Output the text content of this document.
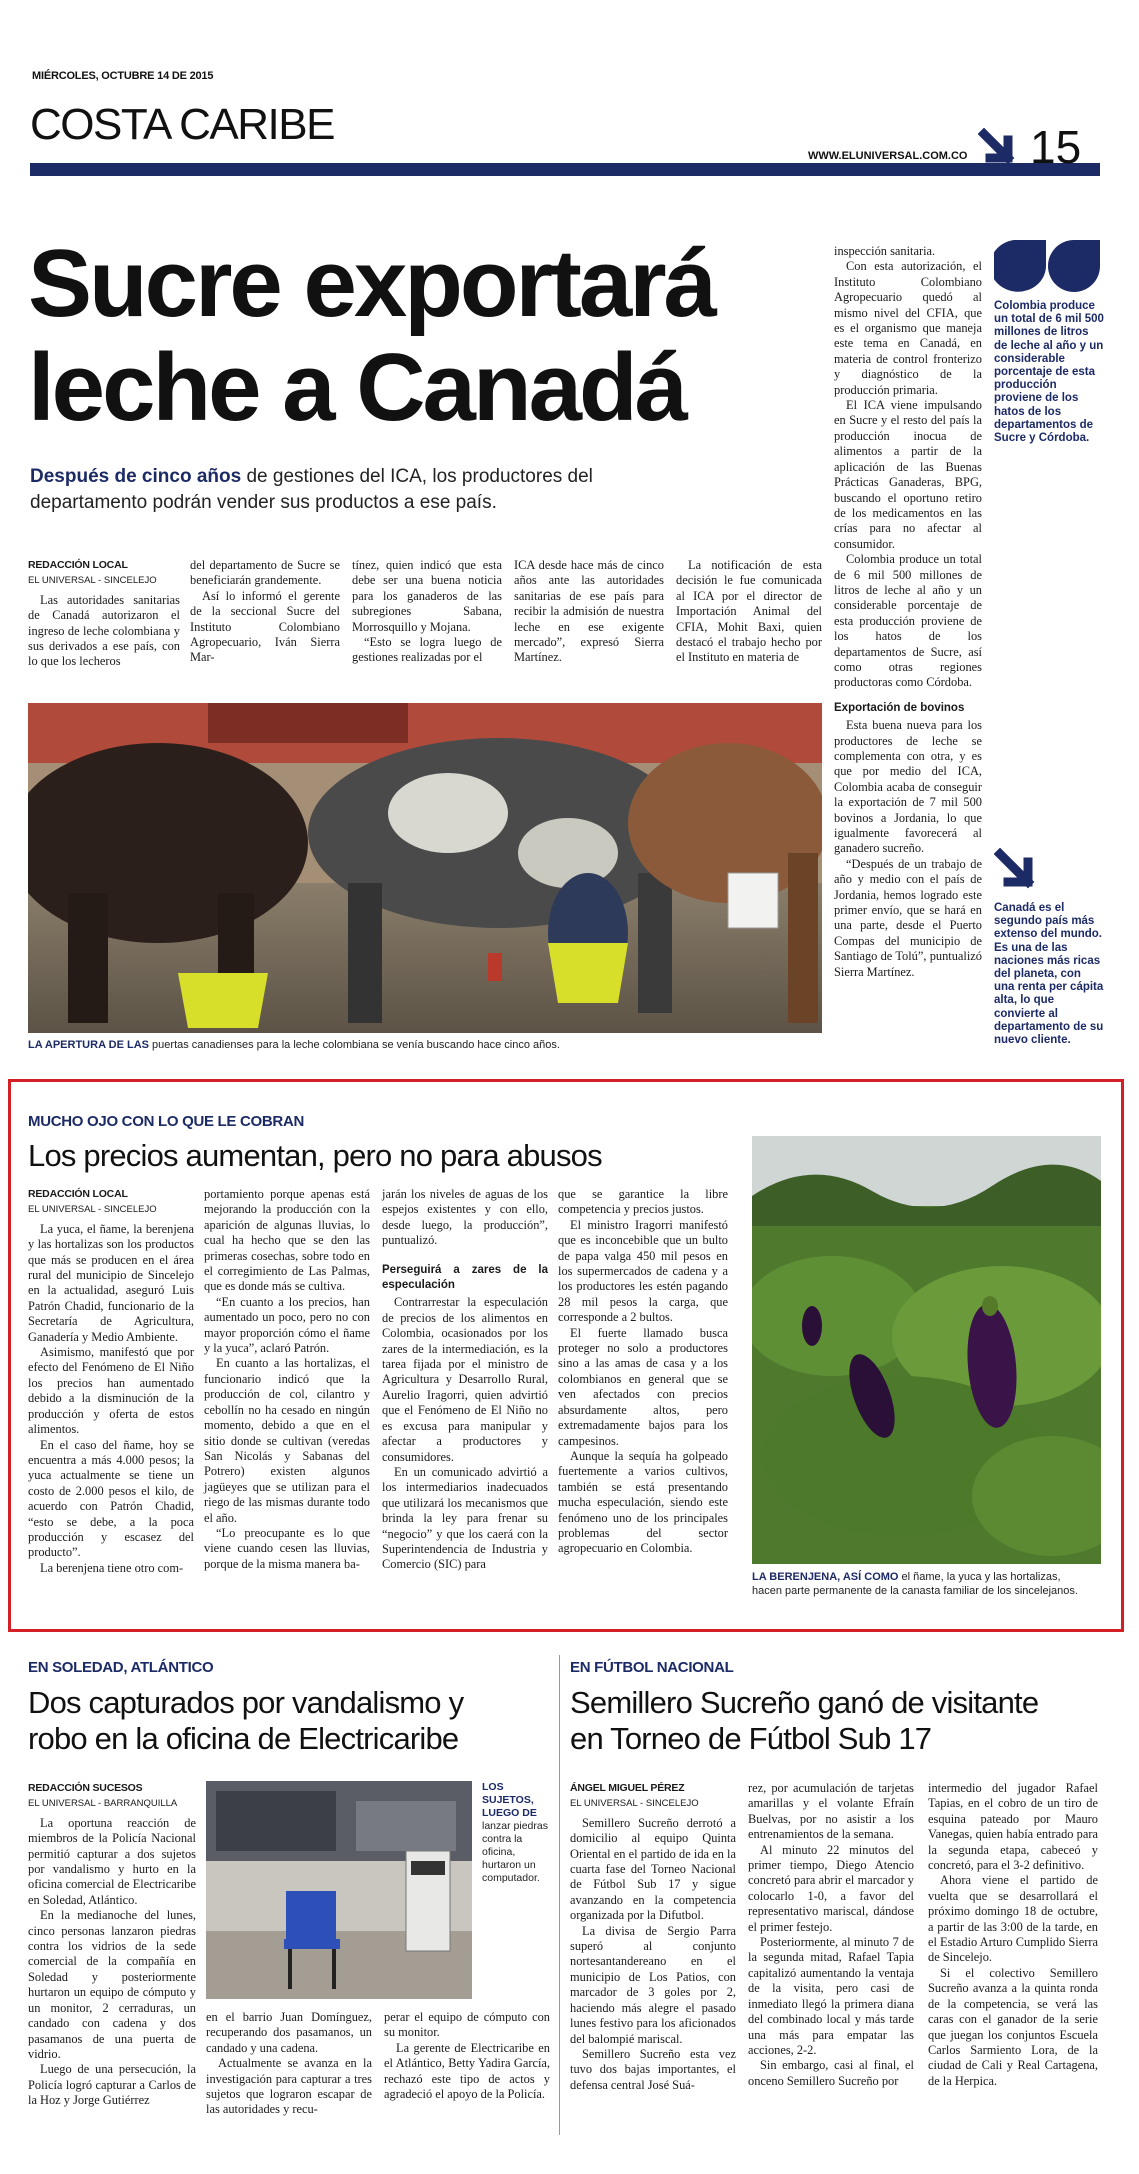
MIÉRCOLES, OCTUBRE 14 DE 2015
COSTA CARIBE
WWW.ELUNIVERSAL.COM.CO 15
Sucre exportará
leche a Canadá
Después de cinco años de gestiones del ICA, los productores del departamento podrán vender sus productos a ese país.
REDACCIÓN LOCAL
EL UNIVERSAL - SINCELEJO

Las autoridades sanitarias de Canadá autorizaron el ingreso de leche colombiana y sus derivados a ese país, con lo que los lecheros

del departamento de Sucre se beneficiarán grandemente.

Así lo informó el gerente de la seccional Sucre del Instituto Colombiano Agropecuario, Iván Sierra Mar-

tínez, quien indicó que esta debe ser una buena noticia para los ganaderos de las subregiones Sabana, Morrosquillo y Mojana.

“Esto se logra luego de gestiones realizadas por el

ICA desde hace más de cinco años ante las autoridades sanitarias de ese país para recibir la admisión de nuestra leche en ese exigente mercado”, expresó Sierra Martínez.

La notificación de esta decisión le fue comunicada al ICA por el director de Importación Animal del CFIA, Mohit Baxi, quien destacó el trabajo hecho por el Instituto en materia de

LA APERTURA DE LAS puertas canadienses para la leche colombiana se venía buscando hace cinco años.

inspección sanitaria.

Con esta autorización, el Instituto Colombiano Agropecuario quedó al mismo nivel del CFIA, que es el organismo que maneja este tema en Canadá, en materia de control fronterizo y diagnóstico de la producción primaria.

El ICA viene impulsando en Sucre y el resto del país la producción inocua de alimentos a partir de la aplicación de las Buenas Prácticas Ganaderas, BPG, buscando el oportuno retiro de los medicamentos en las crías para no afectar al consumidor.

Colombia produce un total de 6 mil 500 millones de litros de leche al año y un considerable porcentaje de esta producción proviene de los hatos de los departamentos de Sucre, así como otras regiones productoras como Córdoba.

Exportación de bovinos

Esta buena nueva para los productores de leche se complementa con otra, y es que por medio del ICA, Colombia acaba de conseguir la exportación de 7 mil 500 bovinos a Jordania, lo que igualmente favorecerá al ganadero sucreño.

“Después de un trabajo de año y medio con el país de Jordania, hemos logrado este primer envío, que se hará en una parte, desde el Puerto Compas del municipio de Santiago de Tolú”, puntualizó Sierra Martínez.

Colombia produce un total de 6 mil 500 millones de litros de leche al año y un considerable porcentaje de esta producción proviene de los hatos de los departamentos de Sucre y Córdoba.
Canadá es el segundo país más extenso del mundo. Es una de las naciones más ricas del planeta, con una renta per cápita alta, lo que convierte al departamento de su nuevo cliente.
MUCHO OJO CON LO QUE LE COBRAN
Los precios aumentan, pero no para abusos
REDACCIÓN LOCAL
EL UNIVERSAL - SINCELEJO

La yuca, el ñame, la berenjena y las hortalizas son los productos que más se producen en el área rural del municipio de Sincelejo en la actualidad, aseguró Luis Patrón Chadid, funcionario de la Secretaría de Agricultura, Ganadería y Medio Ambiente.

Asimismo, manifestó que por efecto del Fenómeno de El Niño los precios han aumentado debido a la disminución de la producción y oferta de estos alimentos.

En el caso del ñame, hoy se encuentra a más 4.000 pesos; la yuca actualmente se tiene un costo de 2.000 pesos el kilo, de acuerdo con Patrón Chadid, “esto se debe, a la poca producción y escasez del producto”.

La berenjena tiene otro com-

portamiento porque apenas está mejorando la producción con la aparición de algunas lluvias, lo cual ha hecho que se den las primeras cosechas, sobre todo en el corregimiento de Las Palmas, que es donde más se cultiva.

“En cuanto a los precios, han aumentado un poco, pero no con mayor proporción cómo el ñame y la yuca”, aclaró Patrón.

En cuanto a las hortalizas, el funcionario indicó que la producción de col, cilantro y cebollín no ha cesado en ningún momento, debido a que en el sitio donde se cultivan (veredas San Nicolás y Sabanas del Potrero) existen algunos jagüeyes que se utilizan para el riego de las mismas durante todo el año.

“Lo preocupante es lo que viene cuando cesen las lluvias, porque de la misma manera ba-

jarán los niveles de aguas de los espejos existentes y con ello, desde luego, la producción”, puntualizó.

Perseguirá a zares de la especulación

Contrarrestar la especulación de precios de los alimentos en Colombia, ocasionados por los zares de la intermediación, es la tarea fijada por el ministro de Agricultura y Desarrollo Rural, Aurelio Iragorri, quien advirtió que el Fenómeno de El Niño no es excusa para manipular y afectar a productores y consumidores.

En un comunicado advirtió a los intermediarios inadecuados que utilizará los mecanismos que brinda la ley para frenar su “negocio” y que los caerá con la Superintendencia de Industria y Comercio (SIC) para

que se garantice la libre competencia y precios justos.

El ministro Iragorri manifestó que es inconcebible que un bulto de papa valga 450 mil pesos en los supermercados de cadena y a los productores les estén pagando 28 mil pesos la carga, que corresponde a 2 bultos.

El fuerte llamado busca proteger no solo a productores sino a las amas de casa y a los colombianos en general que se ven afectados con precios absurdamente altos, pero extremadamente bajos para los campesinos.

Aunque la sequía ha golpeado fuertemente a varios cultivos, también se está presentando mucha especulación, siendo este fenómeno uno de los principales problemas del sector agropecuario en Colombia.

LA BERENJENA, ASÍ COMO el ñame, la yuca y las hortalizas, hacen parte permanente de la canasta familiar de los sincelejanos.
EN SOLEDAD, ATLÁNTICO
Dos capturados por vandalismo y
robo en la oficina de Electricaribe
REDACCIÓN SUCESOS
EL UNIVERSAL - BARRANQUILLA

La oportuna reacción de miembros de la Policía Nacional permitió capturar a dos sujetos por vandalismo y hurto en la oficina comercial de Electricaribe en Soledad, Atlántico.

En la medianoche del lunes, cinco personas lanzaron piedras contra los vidrios de la sede comercial de la compañía en Soledad y posteriormente hurtaron un equipo de cómputo y un monitor, 2 cerraduras, un candado con cadena y dos pasamanos de una puerta de vidrio.

Luego de una persecución, la Policía logró capturar a Carlos de la Hoz y Jorge Gutiérrez

LOS SUJETOS, LUEGO DE lanzar piedras contra la oficina, hurtaron un computador.

en el barrio Juan Domínguez, recuperando dos pasamanos, un candado y una cadena.

Actualmente se avanza en la investigación para capturar a tres sujetos que lograron escapar de las autoridades y recu-

perar el equipo de cómputo con su monitor.

La gerente de Electricaribe en el Atlántico, Betty Yadira García, rechazó este tipo de actos y agradeció el apoyo de la Policía.

EN FÚTBOL NACIONAL
Semillero Sucreño ganó de visitante
en Torneo de Fútbol Sub 17
ÁNGEL MIGUEL PÉREZ
EL UNIVERSAL - SINCELEJO

Semillero Sucreño derrotó a domicilio al equipo Quinta Oriental en el partido de ida en la cuarta fase del Torneo Nacional de Fútbol Sub 17 y sigue avanzando en la competencia organizada por la Difutbol.

La divisa de Sergio Parra superó al conjunto nortesantandereano en el municipio de Los Patios, con marcador de 3 goles por 2, haciendo más alegre el pasado lunes festivo para los aficionados del balompié mariscal.

Semillero Sucreño esta vez tuvo dos bajas importantes, el defensa central José Suá-

rez, por acumulación de tarjetas amarillas y el volante Efraín Buelvas, por no asistir a los entrenamientos de la semana.

Al minuto 22 minutos del primer tiempo, Diego Atencio concretó para abrir el marcador y colocarlo 1-0, a favor del representativo mariscal, dándose el primer festejo.

Posteriormente, al minuto 7 de la segunda mitad, Rafael Tapia capitalizó aumentando la ventaja de la visita, pero casi de inmediato llegó la primera diana del combinado local y más tarde una más para empatar las acciones, 2-2.

Sin embargo, casi al final, el onceno Semillero Sucreño por

intermedio del jugador Rafael Tapias, en el cobro de un tiro de esquina pateado por Mauro Vanegas, quien había entrado para la segunda etapa, cabeceó y concretó, para el 3-2 definitivo.

Ahora viene el partido de vuelta que se desarrollará el próximo domingo 18 de octubre, a partir de las 3:00 de la tarde, en el Estadio Arturo Cumplido Sierra de Sincelejo.

Si el colectivo Semillero Sucreño avanza a la quinta ronda de la competencia, se verá las caras con el ganador de la serie que juegan los conjuntos Escuela Carlos Sarmiento Lora, de la ciudad de Cali y Real Cartagena, de la Herpica.
